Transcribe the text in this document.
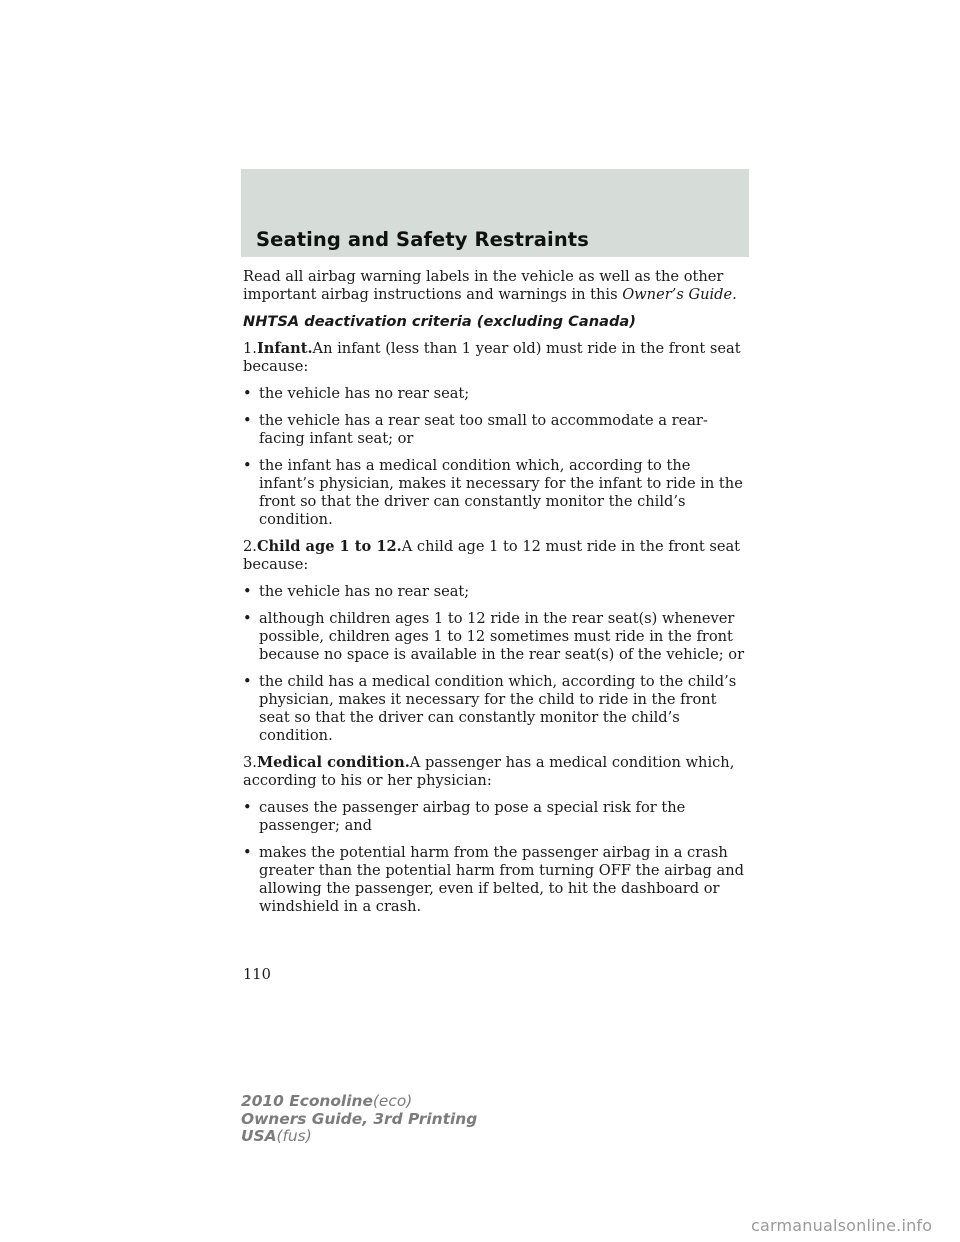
Seating and Safety Restraints

Read all airbag warning labels in the vehicle as well as the other important airbag instructions and warnings in this Owner’s Guide.

NHTSA deactivation criteria (excluding Canada)

1.Infant.An infant (less than 1 year old) must ride in the front seat because:

• the vehicle has no rear seat;
• the vehicle has a rear seat too small to accommodate a rear-facing infant seat; or
• the infant has a medical condition which, according to the infant’s physician, makes it necessary for the infant to ride in the front so that the driver can constantly monitor the child’s condition.

2.Child age 1 to 12.A child age 1 to 12 must ride in the front seat because:

• the vehicle has no rear seat;
• although children ages 1 to 12 ride in the rear seat(s) whenever possible, children ages 1 to 12 sometimes must ride in the front because no space is available in the rear seat(s) of the vehicle; or
• the child has a medical condition which, according to the child’s physician, makes it necessary for the child to ride in the front seat so that the driver can constantly monitor the child’s condition.

3.Medical condition.A passenger has a medical condition which, according to his or her physician:

• causes the passenger airbag to pose a special risk for the passenger; and
• makes the potential harm from the passenger airbag in a crash greater than the potential harm from turning OFF the airbag and allowing the passenger, even if belted, to hit the dashboard or windshield in a crash.
110
2010 Econoline(eco)
Owners Guide, 3rd Printing
USA(fus)
carmanualsonline.info
